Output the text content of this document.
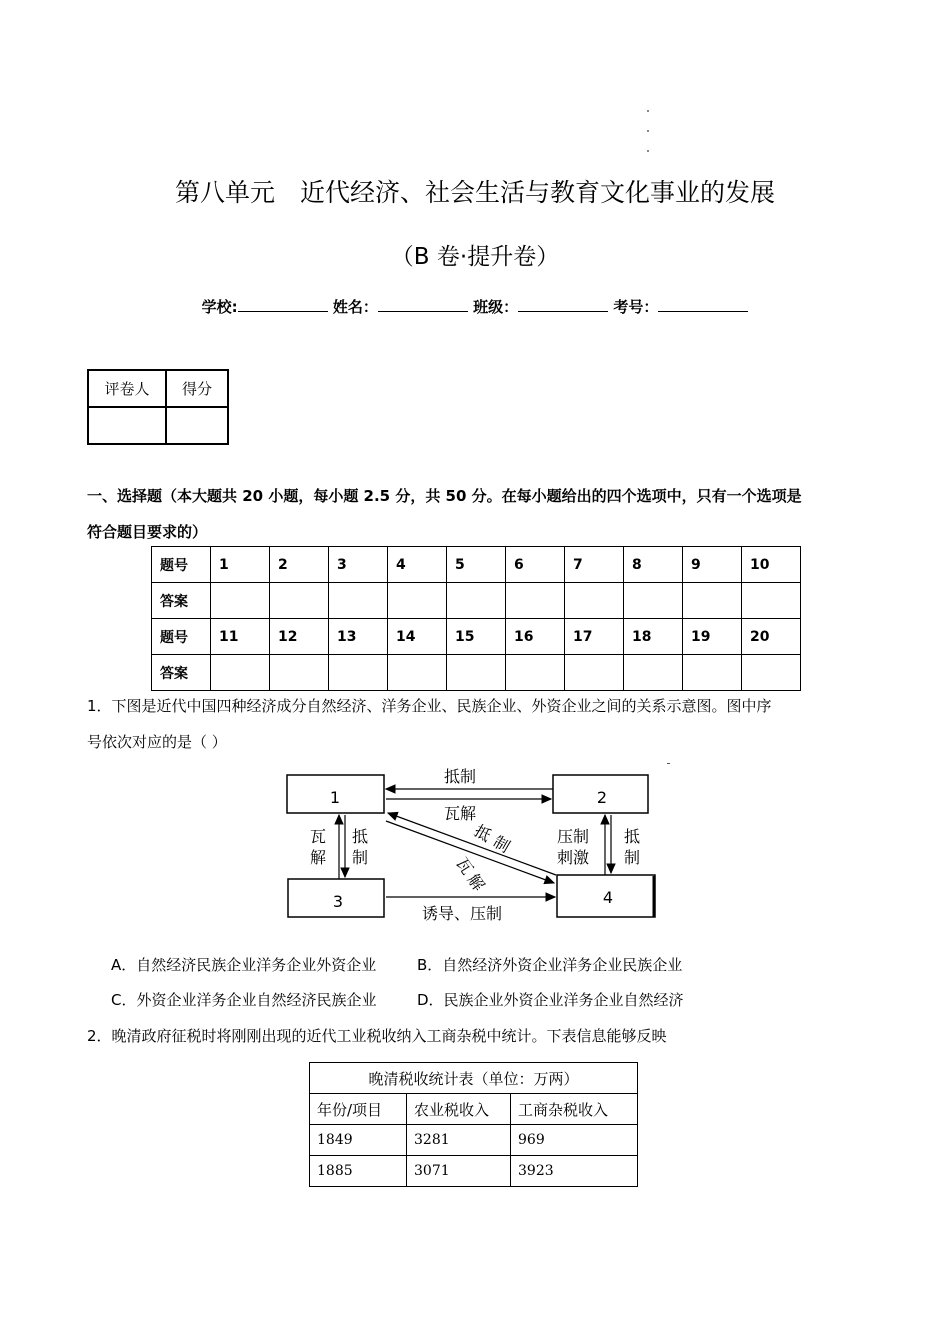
第八单元　近代经济、社会生活与教育文化事业的发展
（B 卷·提升卷）
学校:	姓名：	班级：	考号：
评卷人	得分

一、选择题（本大题共 20 小题，每小题 2.5 分，共 50 分。在每小题给出的四个选项中，只有一个选项是
符合题目要求的）
题号	1	2	3	4	5	6	7	8	9	10
答案										
题号	11	12	13	14	15	16	17	18	19	20
答案										
1．下图是近代中国四种经济成分自然经济、洋务企业、民族企业、外资企业之间的关系示意图。图中序
号依次对应的是（ ）
1	2
3	4
抵制
瓦解
瓦
解
抵
制
压制
刺激
抵
制
抵制
瓦解
诱导、压制
A．自然经济民族企业洋务企业外资企业	B．自然经济外资企业洋务企业民族企业
C．外资企业洋务企业自然经济民族企业	D．民族企业外资企业洋务企业自然经济
2．晚清政府征税时将刚刚出现的近代工业税收纳入工商杂税中统计。下表信息能够反映
晚清税收统计表（单位：万两）		
年份/项目	农业税收入	工商杂税收入
1849	3281	969
1885	3071	3923
